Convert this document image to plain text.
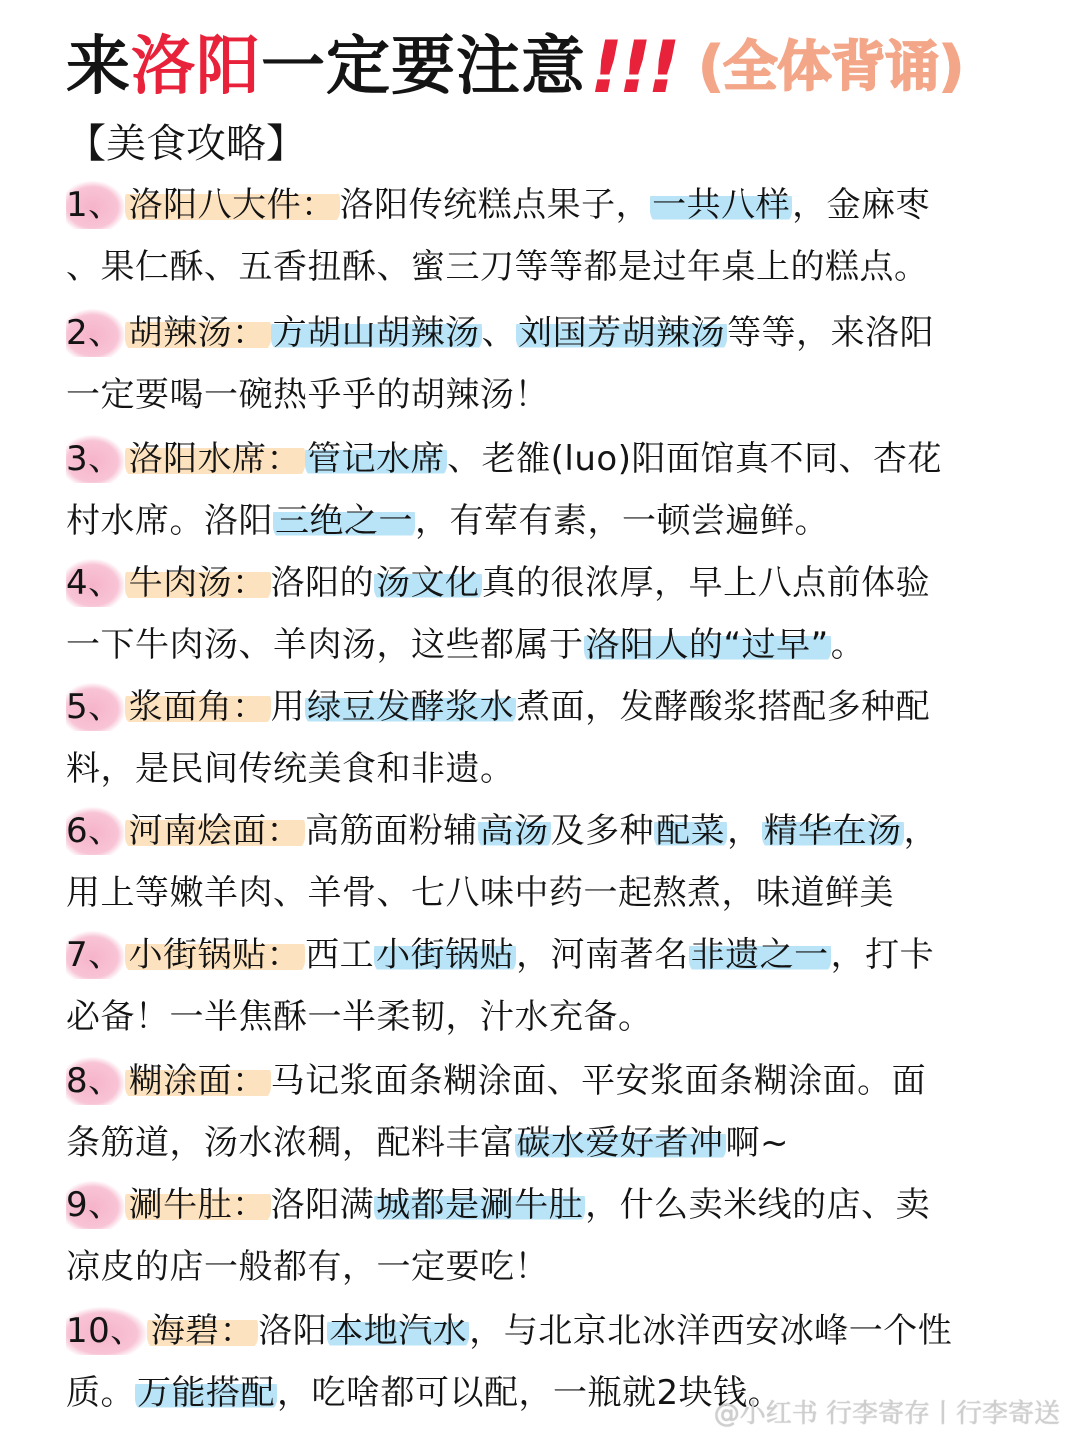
来 洛阳 一定要注意 !!! (全体背诵)
【美食攻略】
1、 洛阳八大件： 洛阳传统糕点果子，一共八样，金麻枣
、果仁酥、五香扭酥、蜜三刀等等都是过年桌上的糕点。
2、 胡辣汤： 方胡山胡辣汤、刘国芳胡辣汤等等，来洛阳
一定要喝一碗热乎乎的胡辣汤！
3、 洛阳水席： 管记水席、老雒(luo)阳面馆真不同、杏花
村水席。洛阳三绝之一，有荤有素，一顿尝遍鲜。
4、 牛肉汤： 洛阳的汤文化真的很浓厚，早上八点前体验
一下牛肉汤、羊肉汤，这些都属于洛阳人的“过早”。
5、 浆面角： 用绿豆发酵浆水煮面，发酵酸浆搭配多种配
料，是民间传统美食和非遗。
6、 河南烩面： 高筋面粉辅高汤及多种配菜，精华在汤，
用上等嫩羊肉、羊骨、七八味中药一起熬煮，味道鲜美
7、 小街锅贴： 西工小街锅贴，河南著名非遗之一，打卡
必备！一半焦酥一半柔韧，汁水充备。
8、 糊涂面： 马记浆面条糊涂面、平安浆面条糊涂面。面
条筋道，汤水浓稠，配料丰富碳水爱好者冲啊~
9、 涮牛肚： 洛阳满城都是涮牛肚，什么卖米线的店、卖
凉皮的店一般都有，一定要吃！
10、 海碧： 洛阳本地汽水，与北京北冰洋西安冰峰一个性
质。万能搭配，吃啥都可以配，一瓶就2块钱。
@小红书 行李寄存丨行李寄送
